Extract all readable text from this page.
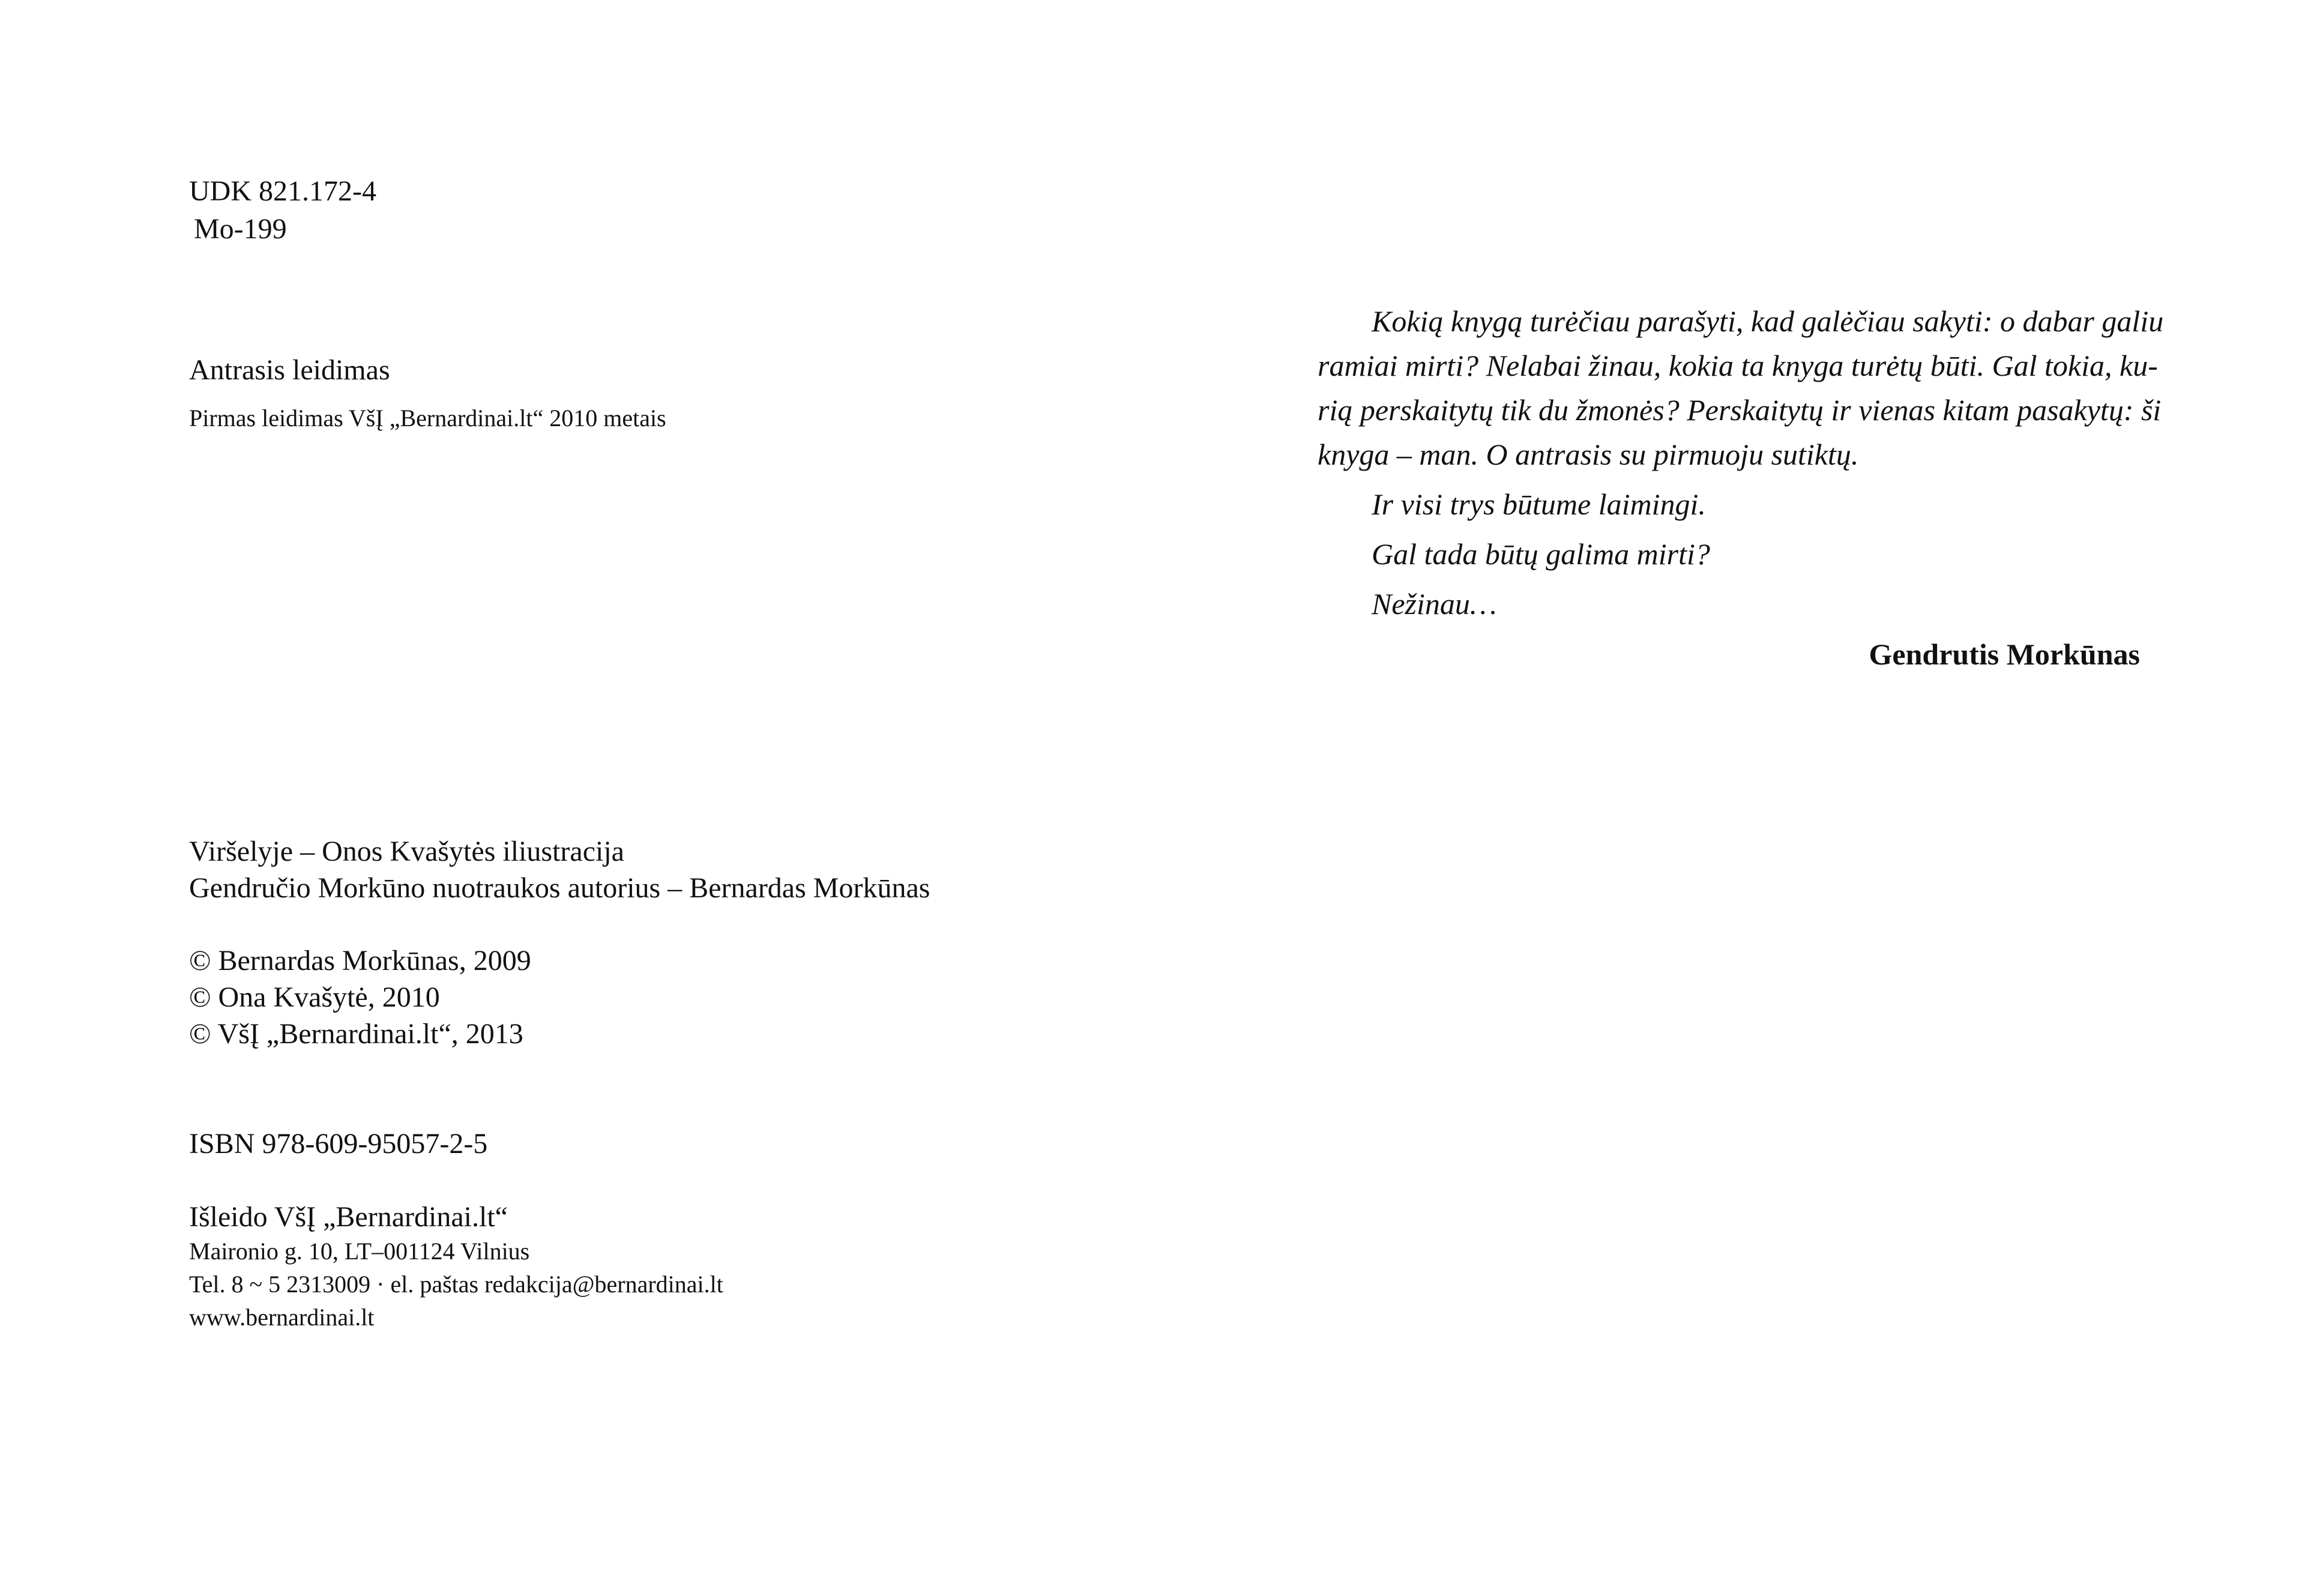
UDK 821.172-4
Mo-199
Antrasis leidimas
Pirmas leidimas VšĮ „Bernardinai.lt“ 2010 metais
Viršelyje – Onos Kvašytės iliustracija
Gendručio Morkūno nuotraukos autorius – Bernardas Morkūnas
© Bernardas Morkūnas, 2009
© Ona Kvašytė, 2010
© VšĮ „Bernardinai.lt“, 2013
ISBN 978-609-95057-2-5
Išleido VšĮ „Bernardinai.lt“
Maironio g. 10, LT–001124 Vilnius
Tel. 8 ~ 5 2313009 · el. paštas redakcija@bernardinai.lt
www.bernardinai.lt
Kokią knygą turėčiau parašyti, kad galėčiau sakyti: o dabar galiu
ramiai mirti? Nelabai žinau, kokia ta knyga turėtų būti. Gal tokia, ku-
rią perskaitytų tik du žmonės? Perskaitytų ir vienas kitam pasakytų: ši
knyga – man. O antrasis su pirmuoju sutiktų.
Ir visi trys būtume laimingi.
Gal tada būtų galima mirti?
Nežinau…
Gendrutis Morkūnas
